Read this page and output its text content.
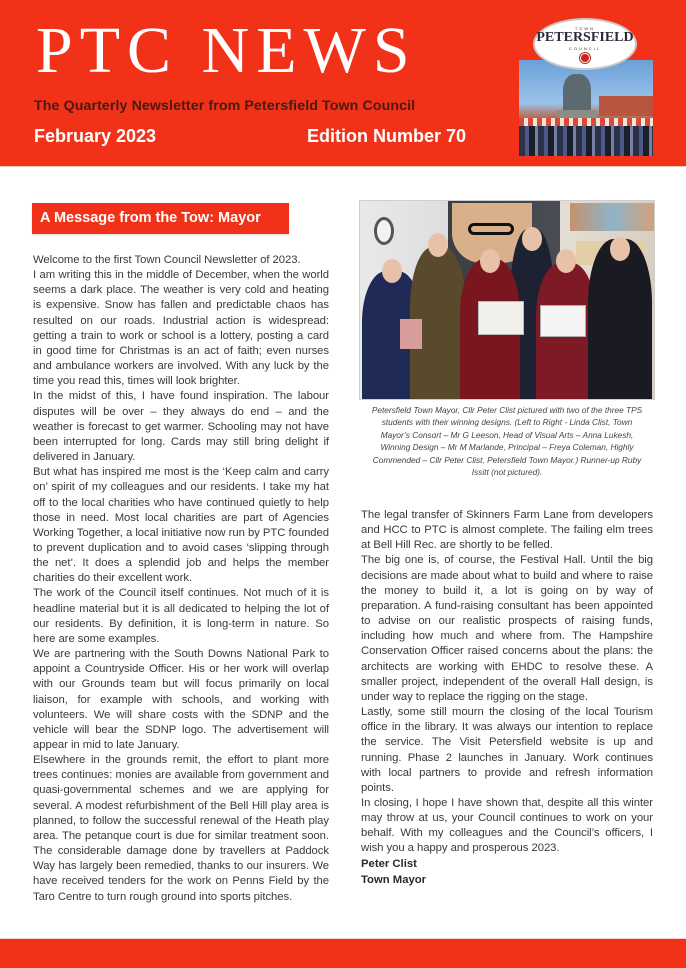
PTC NEWS
The Quarterly Newsletter from Petersfield Town Council
February 2023	Edition Number 70
TOWN
PETERSFIELD
COUNCIL
A Message from the Tow: Mayor

Welcome to the first Town Council Newsletter of 2023.

I am writing this in the middle of December, when the world seems a dark place. The weather is very cold and heating is expensive. Snow has fallen and predictable chaos has resulted on our roads. Industrial action is widespread: getting a train to work or school is a lottery, posting a card in good time for Christmas is an act of faith; even nurses and ambulance workers are involved. With any luck by the time you read this, times will look brighter.

In the midst of this, I have found inspiration. The labour disputes will be over – they always do end – and the weather is forecast to get warmer. Schooling may not have been interrupted for long. Cards may still bring delight if delivered in January.

But what has inspired me most is the ‘Keep calm and carry on’ spirit of my colleagues and our residents. I take my hat off to the local charities who have continued quietly to help those in need. Most local charities are part of Agencies Working Together, a local initiative now run by PTC founded to prevent duplication and to avoid cases ‘slipping through the net’. It does a splendid job and helps the member charities do their excellent work.

The work of the Council itself continues. Not much of it is headline material but it is all dedicated to helping the lot of our residents. By definition, it is long-term in nature. So here are some examples.

We are partnering with the South Downs National Park to appoint a Countryside Officer. His or her work will overlap with our Grounds team but will focus primarily on local liaison, for example with schools, and working with volunteers. We will share costs with the SDNP and the vehicle will bear the SDNP logo. The advertisement will appear in mid to late January.

Elsewhere in the grounds remit, the effort to plant more trees continues: monies are available from government and quasi-governmental schemes and we are applying for several. A modest refurbishment of the Bell Hill play area is planned, to follow the successful renewal of the Heath play area. The petanque court is due for similar treatment soon. The considerable damage done by travellers at Paddock Way has largely been remedied, thanks to our insurers. We have received tenders for the work on Penns Field by the Taro Centre to turn rough ground into sports pitches.

Petersfield Town Mayor, Cllr Peter Clist pictured with two of the three TPS students with their winning designs. (Left to Right - Linda Clist, Town Mayor’s Consort – Mr G Leeson, Head of Visual Arts – Anna Lukesh, Winning Design – Mr M Marlande, Principal – Freya Coleman, Highly Commended – Cllr Peter Clist, Petersfield Town Mayor.) Runner-up Ruby Issitt (not pictured).

The legal transfer of Skinners Farm Lane from developers and HCC to PTC is almost complete. The failing elm trees at Bell Hill Rec. are shortly to be felled.

The big one is, of course, the Festival Hall. Until the big decisions are made about what to build and where to raise the money to build it, a lot is going on by way of preparation. A fund-raising consultant has been appointed to advise on our realistic prospects of raising funds, including how much and where from. The Hampshire Conservation Officer raised concerns about the plans: the architects are working with EHDC to resolve these. A smaller project, independent of the overall Hall design, is under way to replace the rigging on the stage.

Lastly, some still mourn the closing of the local Tourism office in the library. It was always our intention to replace the service. The Visit Petersfield website is up and running. Phase 2 launches in January. Work continues with local partners to provide and refresh information points.

In closing, I hope I have shown that, despite all this winter may throw at us, your Council continues to work on your behalf. With my colleagues and the Council’s officers, I wish you a happy and prosperous 2023.

Peter Clist
Town Mayor
